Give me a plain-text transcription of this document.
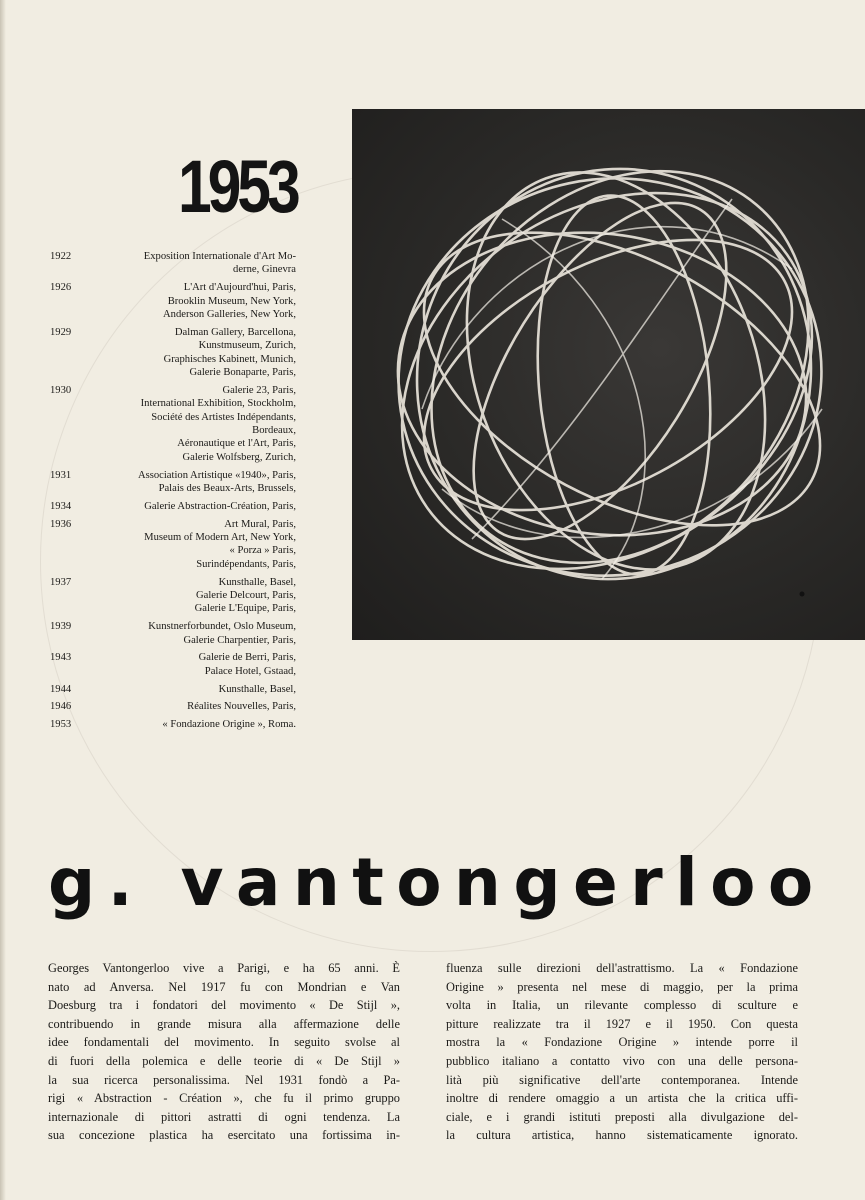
1953
1922	Exposition Internationale d'Art Mo-
derne, Ginevra
1926	L'Art d'Aujourd'hui, Paris,
Brooklin Museum, New York,
Anderson Galleries, New York,
1929	Dalman Gallery, Barcellona,
Kunstmuseum, Zurich,
Graphisches Kabinett, Munich,
Galerie Bonaparte, Paris,
1930	Galerie 23, Paris,
International Exhibition, Stockholm,
Société des Artistes Indépendants,
Bordeaux,
Aéronautique et l'Art, Paris,
Galerie Wolfsberg, Zurich,
1931	Association Artistique «1940», Paris,
Palais des Beaux-Arts, Brussels,
1934	Galerie Abstraction-Création, Paris,
1936	Art Mural, Paris,
Museum of Modern Art, New York,
« Porza » Paris,
Surindépendants, Paris,
1937	Kunsthalle, Basel,
Galerie Delcourt, Paris,
Galerie L'Equipe, Paris,
1939	Kunstnerforbundet, Oslo Museum,
Galerie Charpentier, Paris,
1943	Galerie de Berri, Paris,
Palace Hotel, Gstaad,
1944	Kunsthalle, Basel,
1946	Réalites Nouvelles, Paris,
1953	« Fondazione Origine », Roma.
g. vantongerloo
Georges Vantongerloo vive a Parigi, e ha 65 anni. È
nato ad Anversa. Nel 1917 fu con Mondrian e Van
Doesburg tra i fondatori del movimento « De Stijl »,
contribuendo in grande misura alla affermazione delle
idee fondamentali del movimento. In seguito svolse al
di fuori della polemica e delle teorie di « De Stijl »
la sua ricerca personalissima. Nel 1931 fondò a Pa-
rigi « Abstraction - Création », che fu il primo gruppo
internazionale di pittori astratti di ogni tendenza. La
sua concezione plastica ha esercitato una fortissima in-
fluenza sulle direzioni dell'astrattismo. La « Fondazione
Origine » presenta nel mese di maggio, per la prima
volta in Italia, un rilevante complesso di sculture e
pitture realizzate tra il 1927 e il 1950. Con questa
mostra la « Fondazione Origine » intende porre il
pubblico italiano a contatto vivo con una delle persona-
lità più significative dell'arte contemporanea. Intende
inoltre di rendere omaggio a un artista che la critica uffi-
ciale, e i grandi istituti preposti alla divulgazione del-
la cultura artistica, hanno sistematicamente ignorato.
